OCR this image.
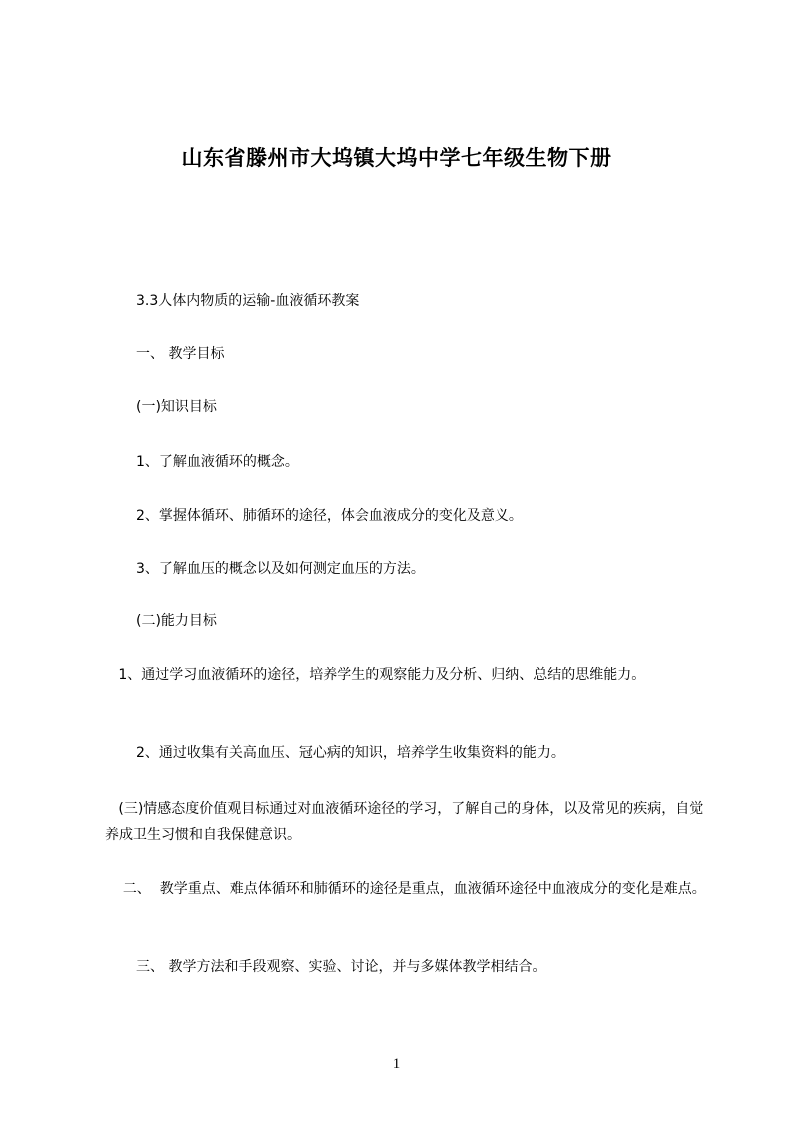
山东省滕州市大坞镇大坞中学七年级生物下册
3.3人体内物质的运输-血液循环教案
一、 教学目标
(一)知识目标
1、了解血液循环的概念。
2、掌握体循环、肺循环的途径，体会血液成分的变化及意义。
3、了解血压的概念以及如何测定血压的方法。
(二)能力目标
1、通过学习血液循环的途径，培养学生的观察能力及分析、归纳、总结的思维能力。
2、通过收集有关高血压、冠心病的知识，培养学生收集资料的能力。
(三)情感态度价值观目标通过对血液循环途径的学习，了解自己的身体，以及常见的疾病，自觉养成卫生习惯和自我保健意识。
二、  教学重点、难点体循环和肺循环的途径是重点，血液循环途径中血液成分的变化是难点。
三、 教学方法和手段观察、实验、讨论，并与多媒体教学相结合。
1
